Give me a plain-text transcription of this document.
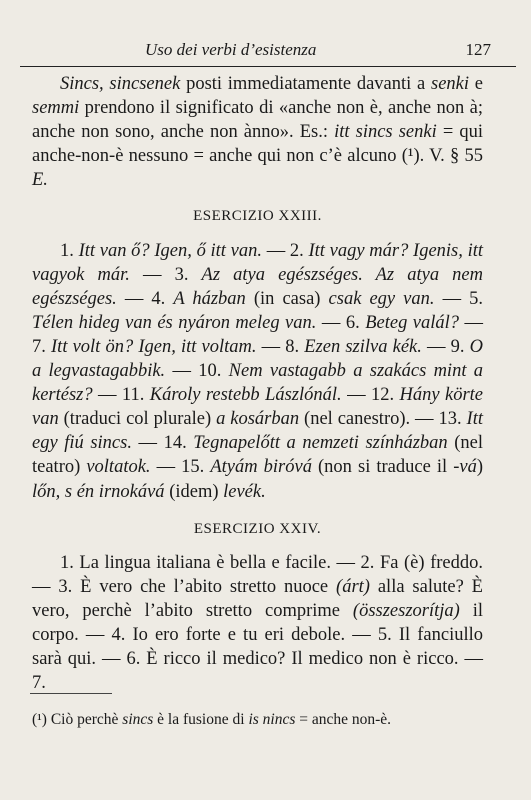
Uso dei verbi d’esistenza	127

Sincs, sincsenek posti immediatamente davanti a senki e semmi prendono il significato di «anche non è, anche non à; anche non sono, anche non ànno». Es.: itt sincs senki = qui anche-non-è nessuno = anche qui non c’è alcuno (¹). V. § 55 E.

ESERCIZIO XXIII.

1. Itt van ő? Igen, ő itt van. — 2. Itt vagy már? Igenis, itt vagyok már. — 3. Az atya egészséges. Az atya nem egészséges. — 4. A házban (in casa) csak egy van. — 5. Télen hideg van és nyáron meleg van. — 6. Beteg valál? — 7. Itt volt ön? Igen, itt voltam. — 8. Ezen szilva kék. — 9. O a legvastagabbik. — 10. Nem vastagabb a szakács mint a kertész? — 11. Károly restebb Lászlónál. — 12. Hány körte van (traduci col plurale) a kosárban (nel canestro). — 13. Itt egy fiú sincs. — 14. Tegnapelőtt a nemzeti színházban (nel teatro) voltatok. — 15. Atyám biróvá (non si traduce il -vá) lőn, s én irnokává (idem) levék.

ESERCIZIO XXIV.

1. La lingua italiana è bella e facile. — 2. Fa (è) freddo. — 3. È vero che l’abito stretto nuoce (árt) alla salute? È vero, perchè l’abito stretto comprime (összeszorítja) il corpo. — 4. Io ero forte e tu eri debole. — 5. Il fanciullo sarà qui. — 6. È ricco il medico? Il medico non è ricco. — 7.

(¹) Ciò perchè sincs è la fusione di is nincs = anche non-è.
